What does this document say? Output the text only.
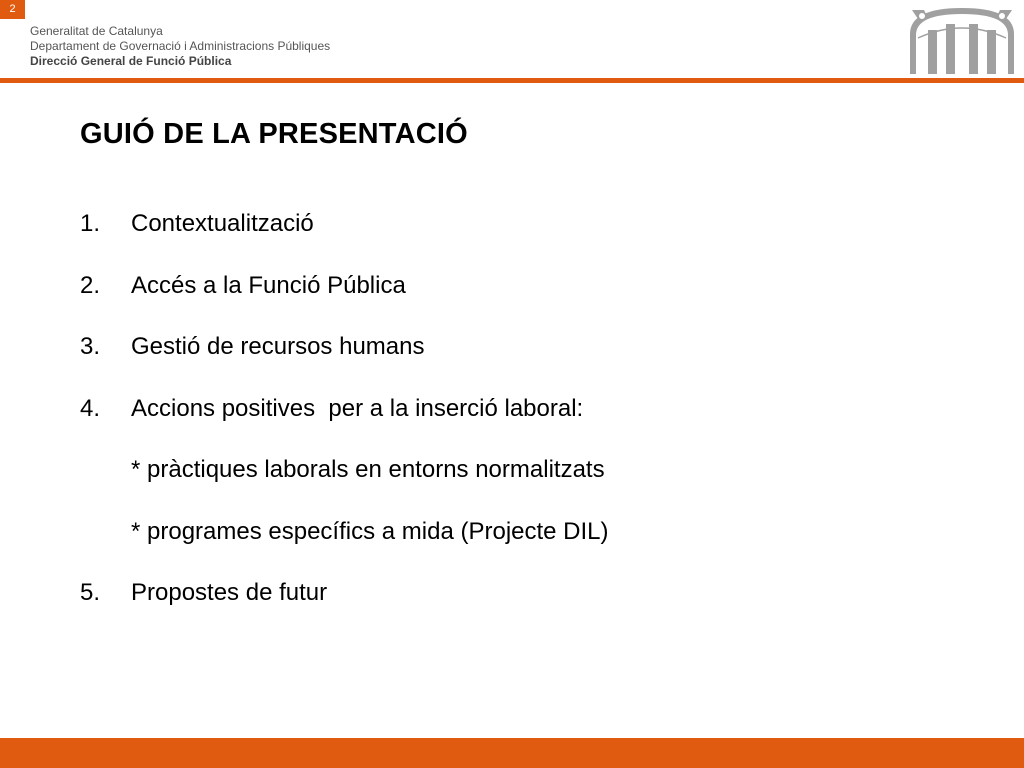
2
Generalitat de Catalunya
Departament de Governació i Administracions Públiques
Direcció General de Funció Pública
GUIÓ DE LA PRESENTACIÓ
1.	Contextualització
2.	Accés a la Funció Pública
3.	Gestió de recursos humans
4.	Accions positives  per a la inserció laboral:
* pràctiques laborals en entorns normalitzats
* programes específics a mida (Projecte DIL)
5.	Propostes de futur
